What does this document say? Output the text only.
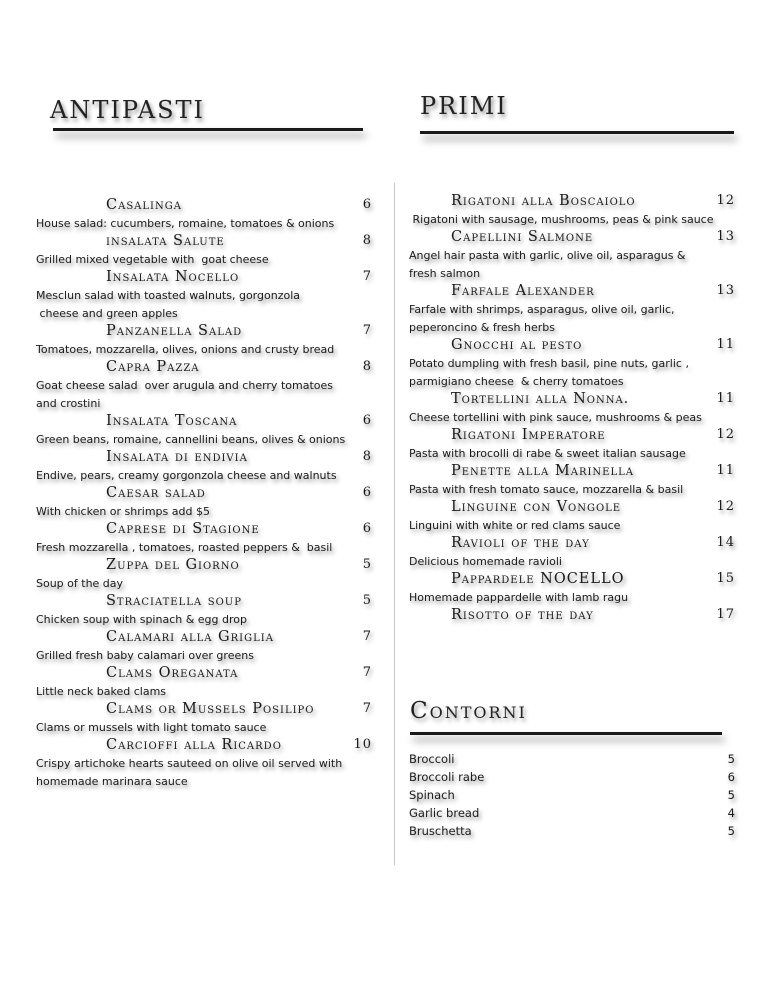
ANTIPASTI	PRIMI
Casalinga	6
House salad: cucumbers, romaine, tomatoes & onions
insalata Salute	8
Grilled mixed vegetable with  goat cheese
Insalata Nocello	7
Mesclun salad with toasted walnuts, gorgonzola
cheese and green apples
Panzanella Salad	7
Tomatoes, mozzarella, olives, onions and crusty bread
Capra Pazza	8
Goat cheese salad  over arugula and cherry tomatoes
and crostini
Insalata Toscana	6
Green beans, romaine, cannellini beans, olives & onions
Insalata di endivia	8
Endive, pears, creamy gorgonzola cheese and walnuts
Caesar salad	6
With chicken or shrimps add $5
Caprese di Stagione	6
Fresh mozzarella , tomatoes, roasted peppers &  basil
Zuppa del Giorno	5
Soup of the day
Straciatella soup	5
Chicken soup with spinach & egg drop
Calamari alla Griglia	7
Grilled fresh baby calamari over greens
Clams Oreganata	7
Little neck baked clams
Clams or Mussels Posilipo	7
Clams or mussels with light tomato sauce
Carcioffi alla Ricardo	10
Crispy artichoke hearts sauteed on olive oil served with
homemade marinara sauce
Rigatoni alla Boscaiolo	12
Rigatoni with sausage, mushrooms, peas & pink sauce
Capellini Salmone	13
Angel hair pasta with garlic, olive oil, asparagus &
fresh salmon
Farfale Alexander	13
Farfale with shrimps, asparagus, olive oil, garlic,
peperoncino & fresh herbs
Gnocchi al pesto	11
Potato dumpling with fresh basil, pine nuts, garlic ,
parmigiano cheese  & cherry tomatoes
Tortellini alla Nonna.	11
Cheese tortellini with pink sauce, mushrooms & peas
Rigatoni Imperatore	12
Pasta with brocolli di rabe & sweet italian sausage
Penette alla Marinella	11
Pasta with fresh tomato sauce, mozzarella & basil
Linguine con Vongole	12
Linguini with white or red clams sauce
Ravioli of the day	14
Delicious homemade ravioli
Pappardele NOCELLO	15
Homemade pappardelle with lamb ragu
Risotto of the day	17
Contorni
Broccoli	5
Broccoli rabe	6
Spinach	5
Garlic bread	4
Bruschetta	5
